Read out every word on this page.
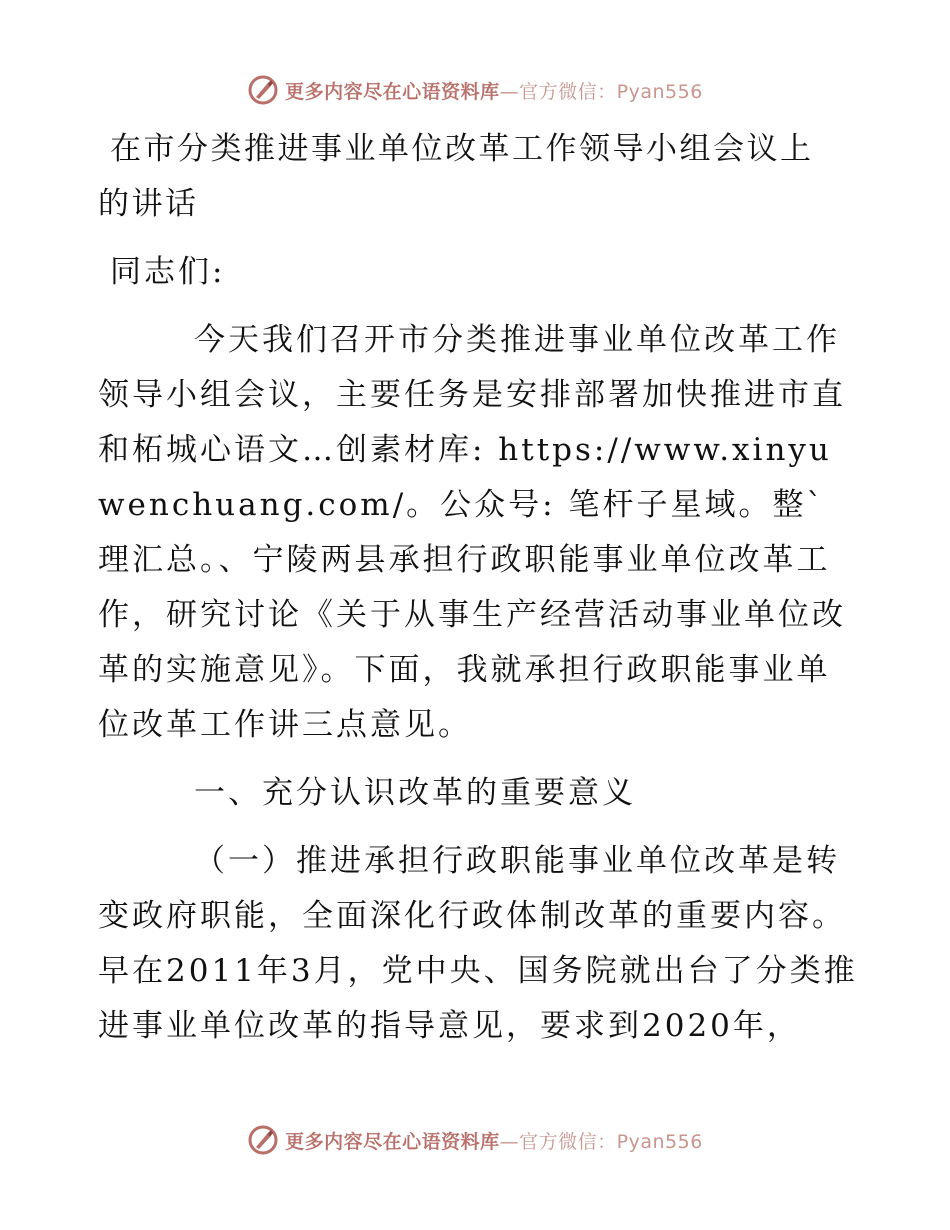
更多内容尽在心语资料库—官方微信：Pyan556
在市分类推进事业单位改革工作领导小组会议上
的讲话

同志们:

今天我们召开市分类推进事业单位改革工作领导小组会议，主要任务是安排部署加快推进市直和柘城心语文…创素材库: https://www.xinyuwenchuang.com/。公众号: 笔杆子星域。整`理汇总。、宁陵两县承担行政职能事业单位改革工作，研究讨论《关于从事生产经营活动事业单位改革的实施意见》。下面，我就承担行政职能事业单位改革工作讲三点意见。

一、充分认识改革的重要意义

（一）推进承担行政职能事业单位改革是转变政府职能，全面深化行政体制改革的重要内容。早在2011年3月，党中央、国务院就出台了分类推进事业单位改革的指导意见，要求到2020年，

更多内容尽在心语资料库—官方微信：Pyan556
